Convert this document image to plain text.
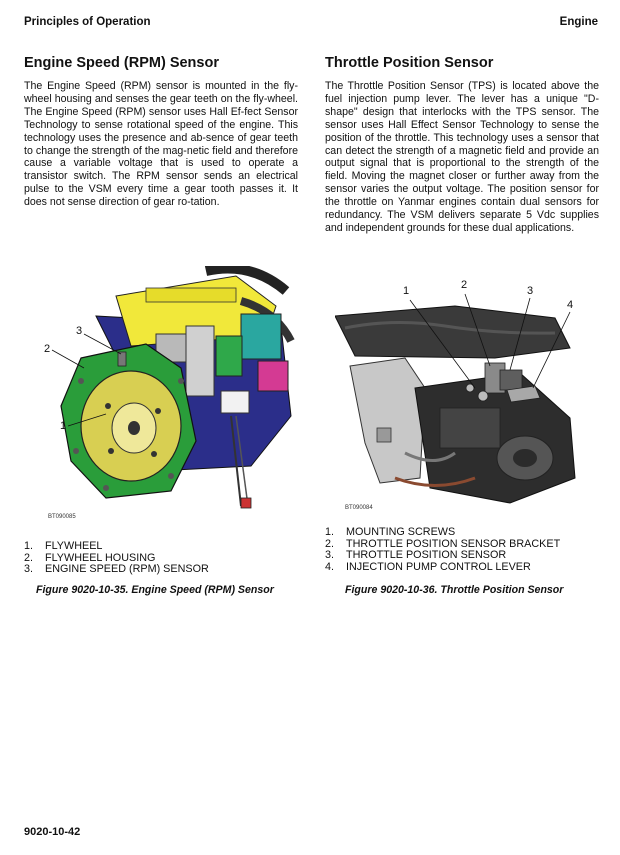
Principles of Operation	Engine
Engine Speed (RPM) Sensor

The Engine Speed (RPM) sensor is mounted in the fly-wheel housing and senses the gear teeth on the fly-wheel. The Engine Speed (RPM) sensor uses Hall Ef-fect Sensor Technology to sense rotational speed of the engine. This technology uses the presence and ab-sence of gear teeth to change the strength of the mag-netic field and therefore cause a variable voltage that is used to operate a transistor switch. The RPM sensor sends an electrical pulse to the VSM every time a gear tooth passes it. It does not sense direction of gear ro-tation.

3
2
1
BT090085
1. FLYWHEEL
2. FLYWHEEL HOUSING
3. ENGINE SPEED (RPM) SENSOR
Figure 9020-10-35. Engine Speed (RPM) Sensor
Throttle Position Sensor

The Throttle Position Sensor (TPS) is located above the fuel injection pump lever. The lever has a unique "D-shape" design that interlocks with the TPS sensor. The sensor uses Hall Effect Sensor Technology to sense the position of the throttle. This technology uses a sensor that can detect the strength of a magnetic field and provide an output signal that is proportional to the strength of the field. Moving the magnet closer or further away from the sensor varies the output voltage. The position sensor for the throttle on Yanmar engines contain dual sensors for redundancy. The VSM delivers separate 5 Vdc supplies and independent grounds for these dual applications.

1	2	3
4
BT090084
1. MOUNTING SCREWS
2. THROTTLE POSITION SENSOR BRACKET
3. THROTTLE POSITION SENSOR
4. INJECTION PUMP CONTROL LEVER
Figure 9020-10-36. Throttle Position Sensor
9020-10-42
